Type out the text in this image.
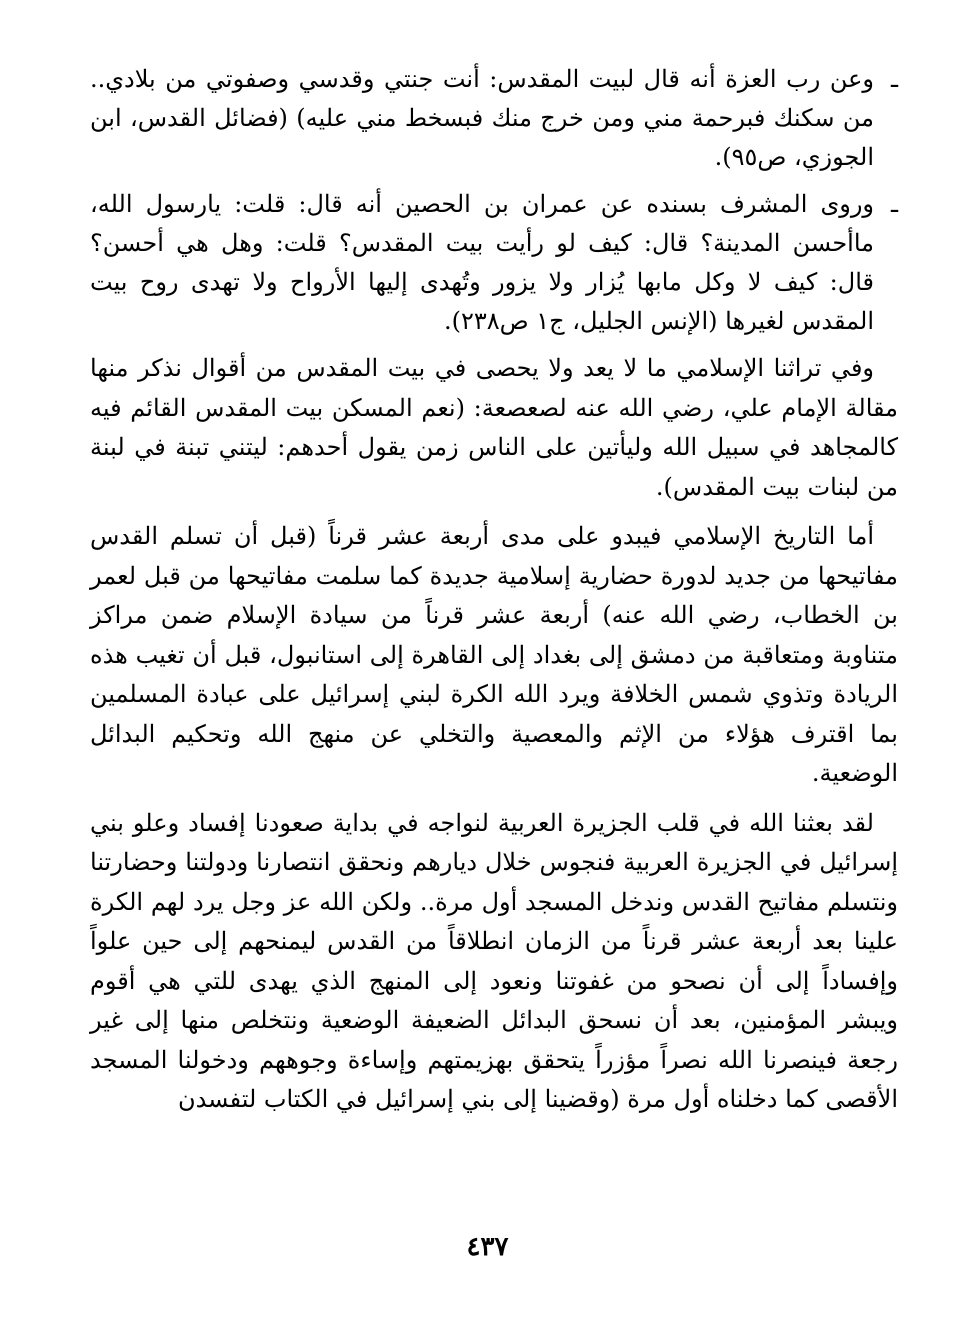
ـ
وعن رب العزة أنه قال لبيت المقدس: أنت جنتي وقدسي وصفوتي من بلادي.. من سكنك فبرحمة مني ومن خرج منك فبسخط مني عليه) (فضائل القدس، ابن الجوزي، ص٩٥).
ـ
وروى المشرف بسنده عن عمران بن الحصين أنه قال: قلت: يارسول الله، ماأحسن المدينة؟ قال: كيف لو رأيت بيت المقدس؟ قلت: وهل هي أحسن؟ قال: كيف لا وكل مابها يُزار ولا يزور وتُهدى إليها الأرواح ولا تهدى روح بيت المقدس لغيرها (الإنس الجليل، ج١ ص٢٣٨).

وفي تراثنا الإسلامي ما لا يعد ولا يحصى في بيت المقدس من أقوال نذكر منها مقالة الإمام علي، رضي الله عنه لصعصعة: (نعم المسكن بيت المقدس القائم فيه كالمجاهد في سبيل الله وليأتين على الناس زمن يقول أحدهم: ليتني تبنة في لبنة من لبنات بيت المقدس).

أما التاريخ الإسلامي فيبدو على مدى أربعة عشر قرناً (قبل أن تسلم القدس مفاتيحها من جديد لدورة حضارية إسلامية جديدة كما سلمت مفاتيحها من قبل لعمر بن الخطاب، رضي الله عنه) أربعة عشر قرناً من سيادة الإسلام ضمن مراكز متناوبة ومتعاقبة من دمشق إلى بغداد إلى القاهرة إلى استانبول، قبل أن تغيب هذه الريادة وتذوي شمس الخلافة ويرد الله الكرة لبني إسرائيل على عبادة المسلمين بما اقترف هؤلاء من الإثم والمعصية والتخلي عن منهج الله وتحكيم البدائل الوضعية.

لقد بعثنا الله في قلب الجزيرة العربية لنواجه في بداية صعودنا إفساد وعلو بني إسرائيل في الجزيرة العربية فنجوس خلال ديارهم ونحقق انتصارنا ودولتنا وحضارتنا ونتسلم مفاتيح القدس وندخل المسجد أول مرة.. ولكن الله عز وجل يرد لهم الكرة علينا بعد أربعة عشر قرناً من الزمان انطلاقاً من القدس ليمنحهم إلى حين علواً وإفساداً إلى أن نصحو من غفوتنا ونعود إلى المنهج الذي يهدى للتي هي أقوم ويبشر المؤمنين، بعد أن نسحق البدائل الضعيفة الوضعية ونتخلص منها إلى غير رجعة فينصرنا الله نصراً مؤزراً يتحقق بهزيمتهم وإساءة وجوههم ودخولنا المسجد الأقصى كما دخلناه أول مرة (وقضينا إلى بني إسرائيل في الكتاب لتفسدن

٤٣٧
